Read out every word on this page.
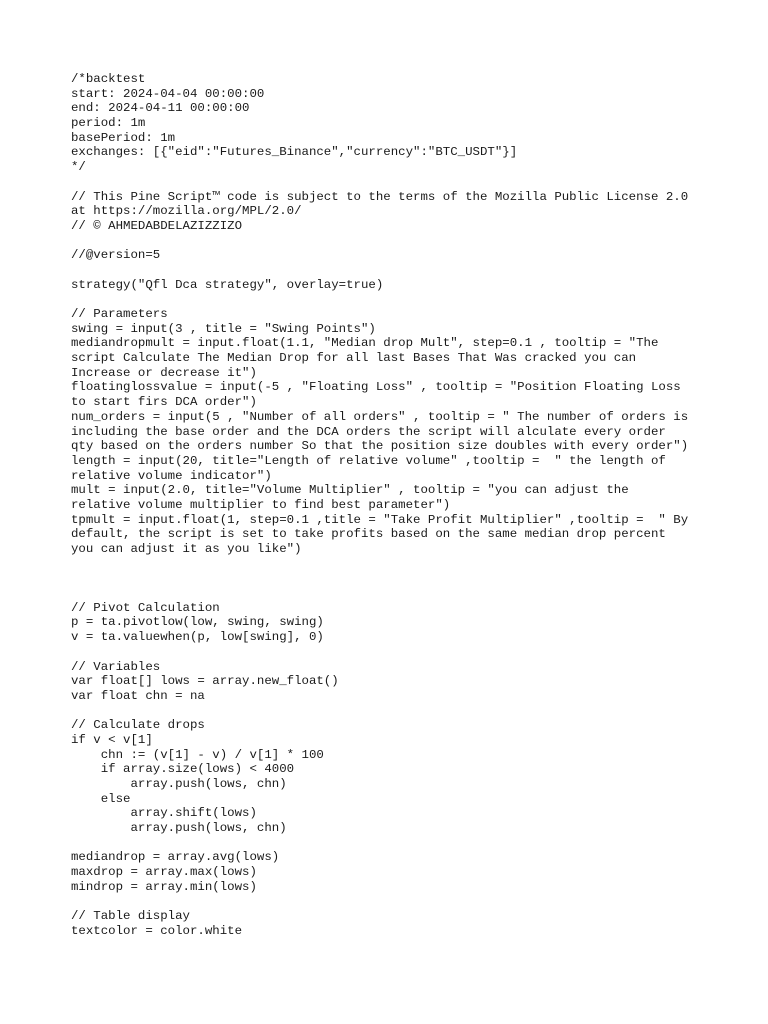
/*backtest
start: 2024-04-04 00:00:00
end: 2024-04-11 00:00:00
period: 1m
basePeriod: 1m
exchanges: [{"eid":"Futures_Binance","currency":"BTC_USDT"}]
*/
// This Pine Script™ code is subject to the terms of the Mozilla Public License 2.0
at https://mozilla.org/MPL/2.0/
// © AHMEDABDELAZIZZIZO
//@version=5
strategy("Qfl Dca strategy", overlay=true)
// Parameters
swing = input(3 , title = "Swing Points")
mediandropmult = input.float(1.1, "Median drop Mult", step=0.1 , tooltip = "The
script Calculate The Median Drop for all last Bases That Was cracked you can
Increase or decrease it")
floatinglossvalue = input(-5 , "Floating Loss" , tooltip = "Position Floating Loss
to start firs DCA order")
num_orders = input(5 , "Number of all orders" , tooltip = " The number of orders is
including the base order and the DCA orders the script will alculate every order
qty based on the orders number So that the position size doubles with every order")
length = input(20, title="Length of relative volume" ,tooltip =  " the length of
relative volume indicator")
mult = input(2.0, title="Volume Multiplier" , tooltip = "you can adjust the
relative volume multiplier to find best parameter")
tpmult = input.float(1, step=0.1 ,title = "Take Profit Multiplier" ,tooltip =  " By
default, the script is set to take profits based on the same median drop percent
you can adjust it as you like")
// Pivot Calculation
p = ta.pivotlow(low, swing, swing)
v = ta.valuewhen(p, low[swing], 0)
// Variables
var float[] lows = array.new_float()
var float chn = na
// Calculate drops
if v < v[1]
chn := (v[1] - v) / v[1] * 100
if array.size(lows) < 4000
array.push(lows, chn)
else
array.shift(lows)
array.push(lows, chn)
mediandrop = array.avg(lows)
maxdrop = array.max(lows)
mindrop = array.min(lows)
// Table display
textcolor = color.white
